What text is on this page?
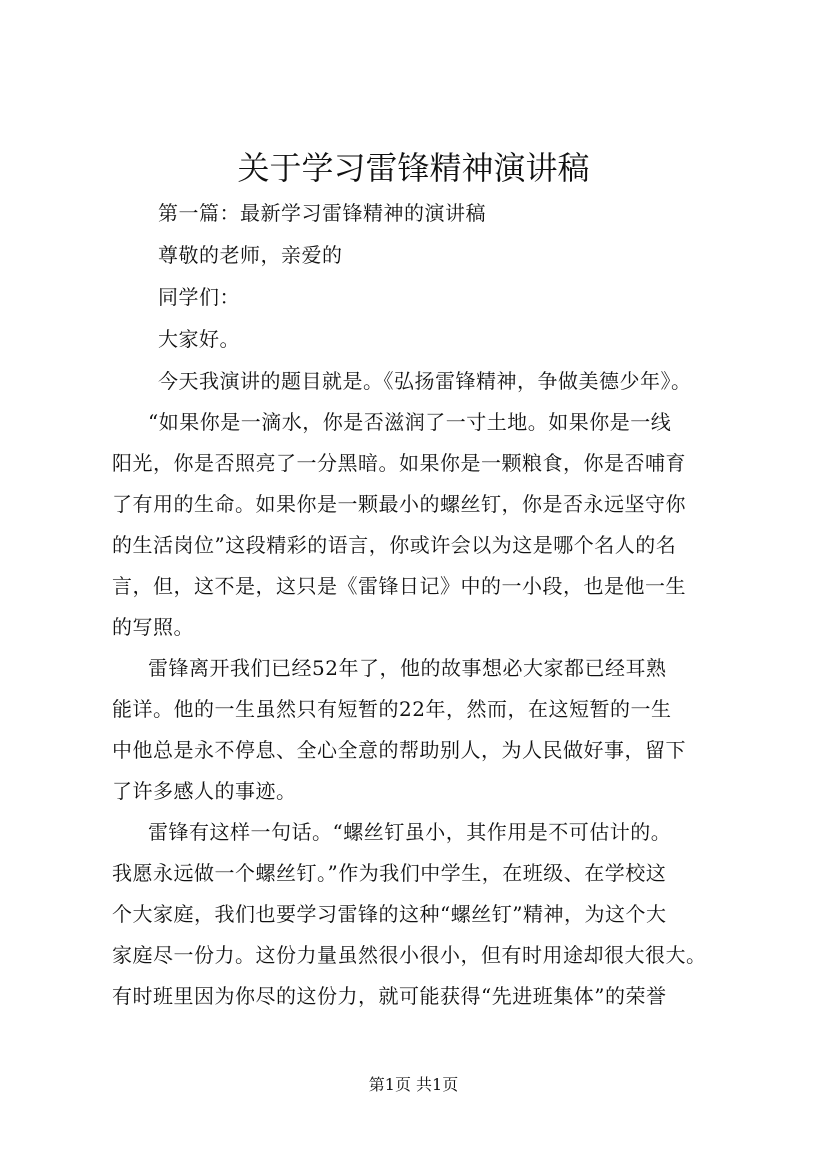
关于学习雷锋精神演讲稿
第一篇：最新学习雷锋精神的演讲稿
尊敬的老师，亲爱的
同学们：
大家好。
今天我演讲的题目就是。《弘扬雷锋精神，争做美德少年》。
“如果你是一滴水，你是否滋润了一寸土地。如果你是一线
阳光，你是否照亮了一分黑暗。如果你是一颗粮食，你是否哺育
了有用的生命。如果你是一颗最小的螺丝钉，你是否永远坚守你
的生活岗位”这段精彩的语言，你或许会以为这是哪个名人的名
言，但，这不是，这只是《雷锋日记》中的一小段，也是他一生
的写照。
雷锋离开我们已经52年了，他的故事想必大家都已经耳熟
能详。他的一生虽然只有短暂的22年，然而，在这短暂的一生
中他总是永不停息、全心全意的帮助别人，为人民做好事，留下
了许多感人的事迹。
雷锋有这样一句话。“螺丝钉虽小，其作用是不可估计的。
我愿永远做一个螺丝钉。”作为我们中学生，在班级、在学校这
个大家庭，我们也要学习雷锋的这种“螺丝钉”精神，为这个大
家庭尽一份力。这份力量虽然很小很小，但有时用途却很大很大。
有时班里因为你尽的这份力，就可能获得“先进班集体”的荣誉
第1页 共1页
